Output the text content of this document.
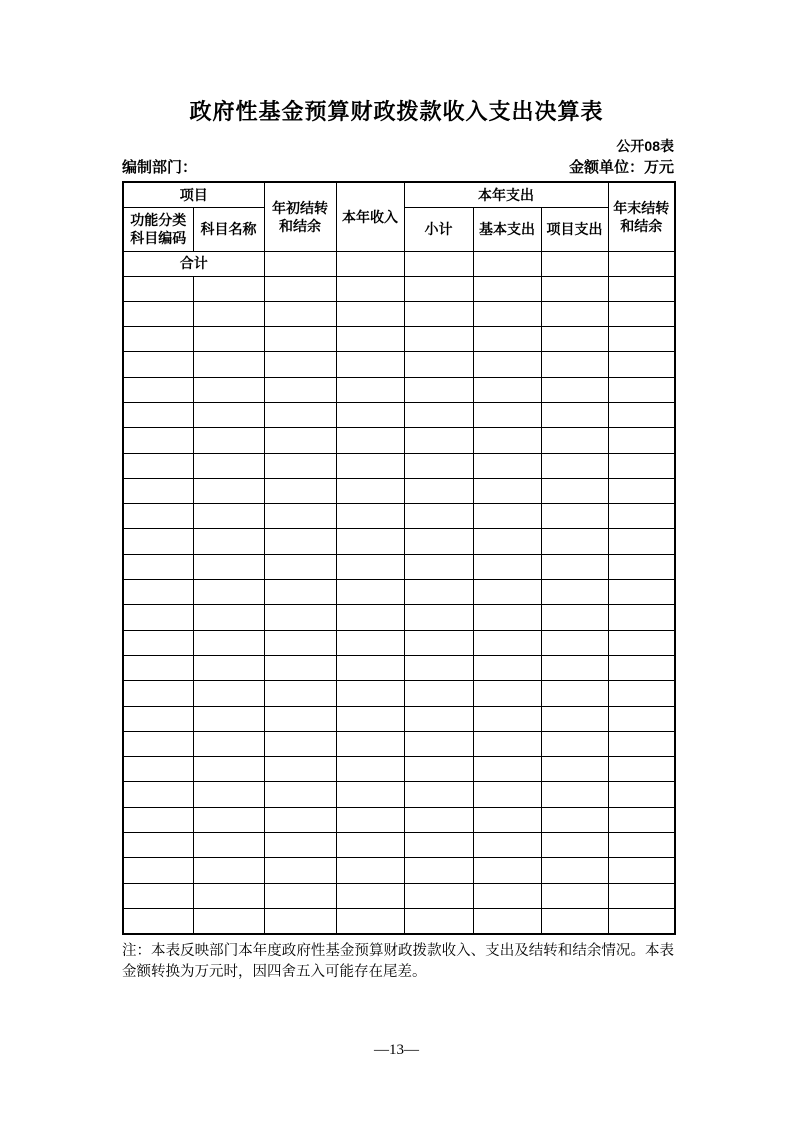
政府性基金预算财政拨款收入支出决算表
公开08表
编制部门：	金额单位：万元
项目		年初结转和结余	本年收入	本年支出			年末结转和结余
功能分类科目编码	科目名称			小计	基本支出	项目支出	
合计							

注：本表反映部门本年度政府性基金预算财政拨款收入、支出及结转和结余情况。本表金额转换为万元时，因四舍五入可能存在尾差。

—13—
